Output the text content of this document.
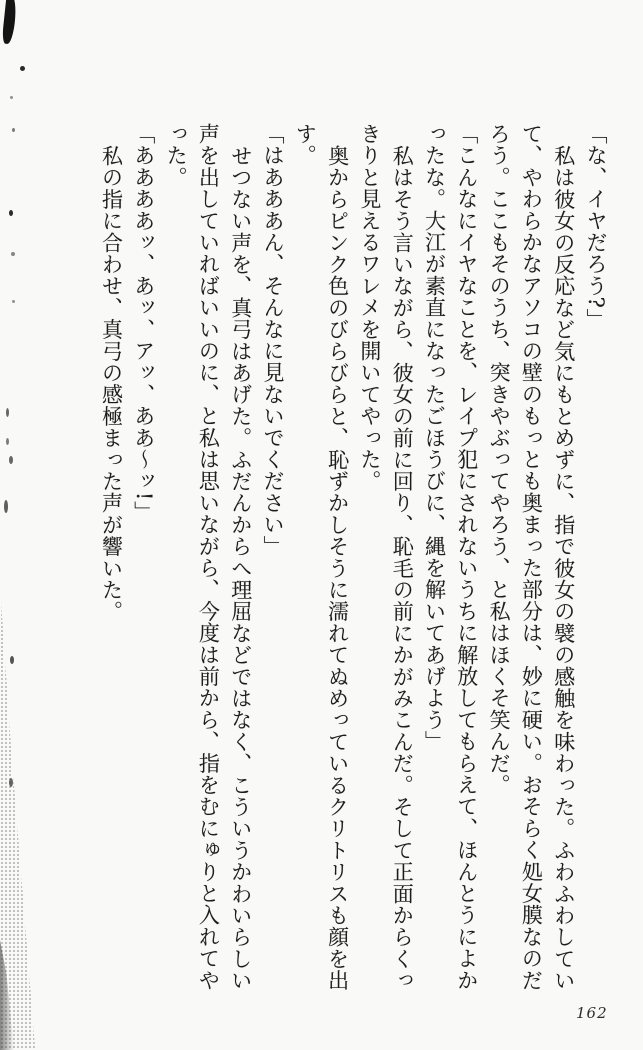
「な、イヤだろう?」
私は彼女の反応など気にもとめずに、指で彼女の襞の感触を味わった。ふわふわしてい
て、やわらかなアソコの壁のもっとも奥まった部分は、妙に硬い。おそらく処女膜なのだ
ろう。ここもそのうち、突きやぶってやろう、と私はほくそ笑んだ。
「こんなにイヤなことを、レイプ犯にされないうちに解放してもらえて、ほんとうによか
ったな。大江が素直になったごほうびに、縄を解いてあげよう」
私はそう言いながら、彼女の前に回り、恥毛の前にかがみこんだ。そして正面からくっ
きりと見えるワレメを開いてやった。
奥からピンク色のびらびらと、恥ずかしそうに濡れてぬめっているクリトリスも顔を出
す。
「はあああん、そんなに見ないでください」
せつない声を、真弓はあげた。ふだんからへ理屈などではなく、こういうかわいらしい
声を出していればいいのに、と私は思いながら、今度は前から、指をむにゅりと入れてや
った。
「ああああッ、あッ、アッ、ああ〜ッ!」
私の指に合わせ、真弓の感極まった声が響いた。
162
